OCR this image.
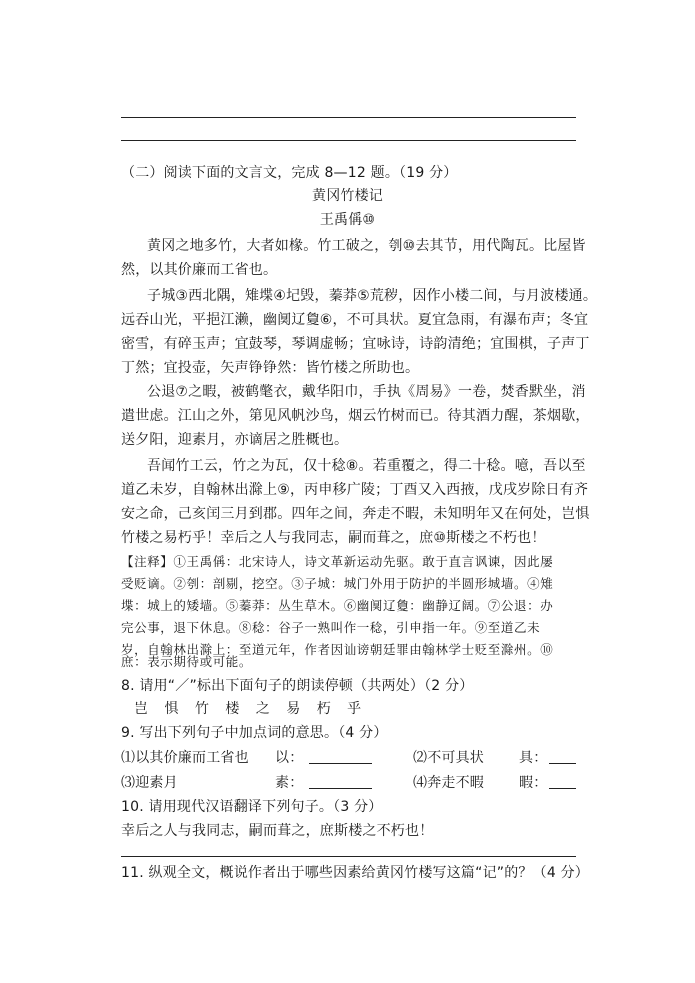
（二）阅读下面的文言文，完成 8—12 题。（19 分）
黄冈竹楼记
王禹偁⑩
黄冈之地多竹，大者如椽。竹工破之，刳⑩去其节，用代陶瓦。比屋皆
然，以其价廉而工省也。
子城③西北隅，雉堞④圮毁，蓁莽⑤荒秽，因作小楼二间，与月波楼通。
远吞山光，平挹江濑，幽阒辽敻⑥，不可具状。夏宜急雨，有瀑布声；冬宜
密雪，有碎玉声；宜鼓琴，琴调虚畅；宜咏诗，诗韵清绝；宜围棋，子声丁
丁然；宜投壶，矢声铮铮然：皆竹楼之所助也。
公退⑦之暇，被鹤氅衣，戴华阳巾，手执《周易》一卷，焚香默坐，消
遣世虑。江山之外，第见风帆沙鸟，烟云竹树而已。待其酒力醒，茶烟歇，
送夕阳，迎素月，亦谪居之胜概也。
吾闻竹工云，竹之为瓦，仅十稔⑧。若重覆之，得二十稔。噫，吾以至
道乙未岁，自翰林出滁上⑨，丙申移广陵；丁酉又入西掖，戊戌岁除日有齐
安之命，己亥闰三月到郡。四年之间，奔走不暇，未知明年又在何处，岂惧
竹楼之易朽乎！幸后之人与我同志，嗣而葺之，庶⑩斯楼之不朽也！
【注释】①王禹偁：北宋诗人，诗文革新运动先驱。敢于直言讽谏，因此屡
受贬谪。②刳：剖剔，挖空。③子城：城门外用于防护的半圆形城墙。④雉
堞：城上的矮墙。⑤蓁莽：丛生草木。⑥幽阒辽敻：幽静辽阔。⑦公退：办
完公事，退下休息。⑧稔：谷子一熟叫作一稔，引申指一年。⑨至道乙未
岁，自翰林出滁上：至道元年，作者因讪谤朝廷罪由翰林学士贬至滁州。⑩
庶：表示期待或可能。
8. 请用“／”标出下面句子的朗读停顿（共两处）（2 分）
岂 惧 竹 楼 之 易 朽 乎
9. 写出下列句子中加点词的意思。（4 分）
⑴以其价廉而工省也 以：	⑵不可具状	具：
⑶迎素月	素：	⑷奔走不暇	暇：
10. 请用现代汉语翻译下列句子。（3 分）
幸后之人与我同志，嗣而葺之，庶斯楼之不朽也！
11. 纵观全文，概说作者出于哪些因素给黄冈竹楼写这篇“记”的？（4 分）
